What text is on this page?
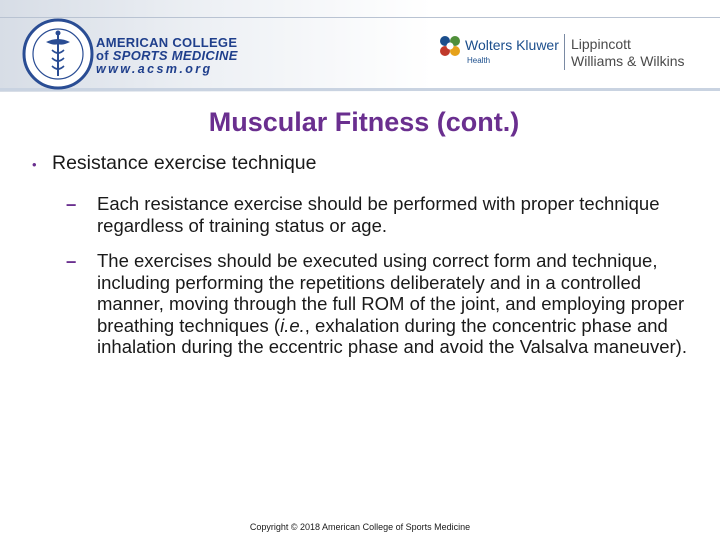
AMERICAN COLLEGE
of SPORTS MEDICINE
www.acsm.org
Wolters Kluwer
Health
Lippincott
Williams & Wilkins
Muscular Fitness (cont.)
• Resistance exercise technique
– Each resistance exercise should be performed with proper technique regardless of training status or age.
– The exercises should be executed using correct form and technique, including performing the repetitions deliberately and in a controlled manner, moving through the full ROM of the joint, and employing proper breathing techniques (i.e., exhalation during the concentric phase and inhalation during the eccentric phase and avoid the Valsalva maneuver).
Copyright © 2018 American College of Sports Medicine
